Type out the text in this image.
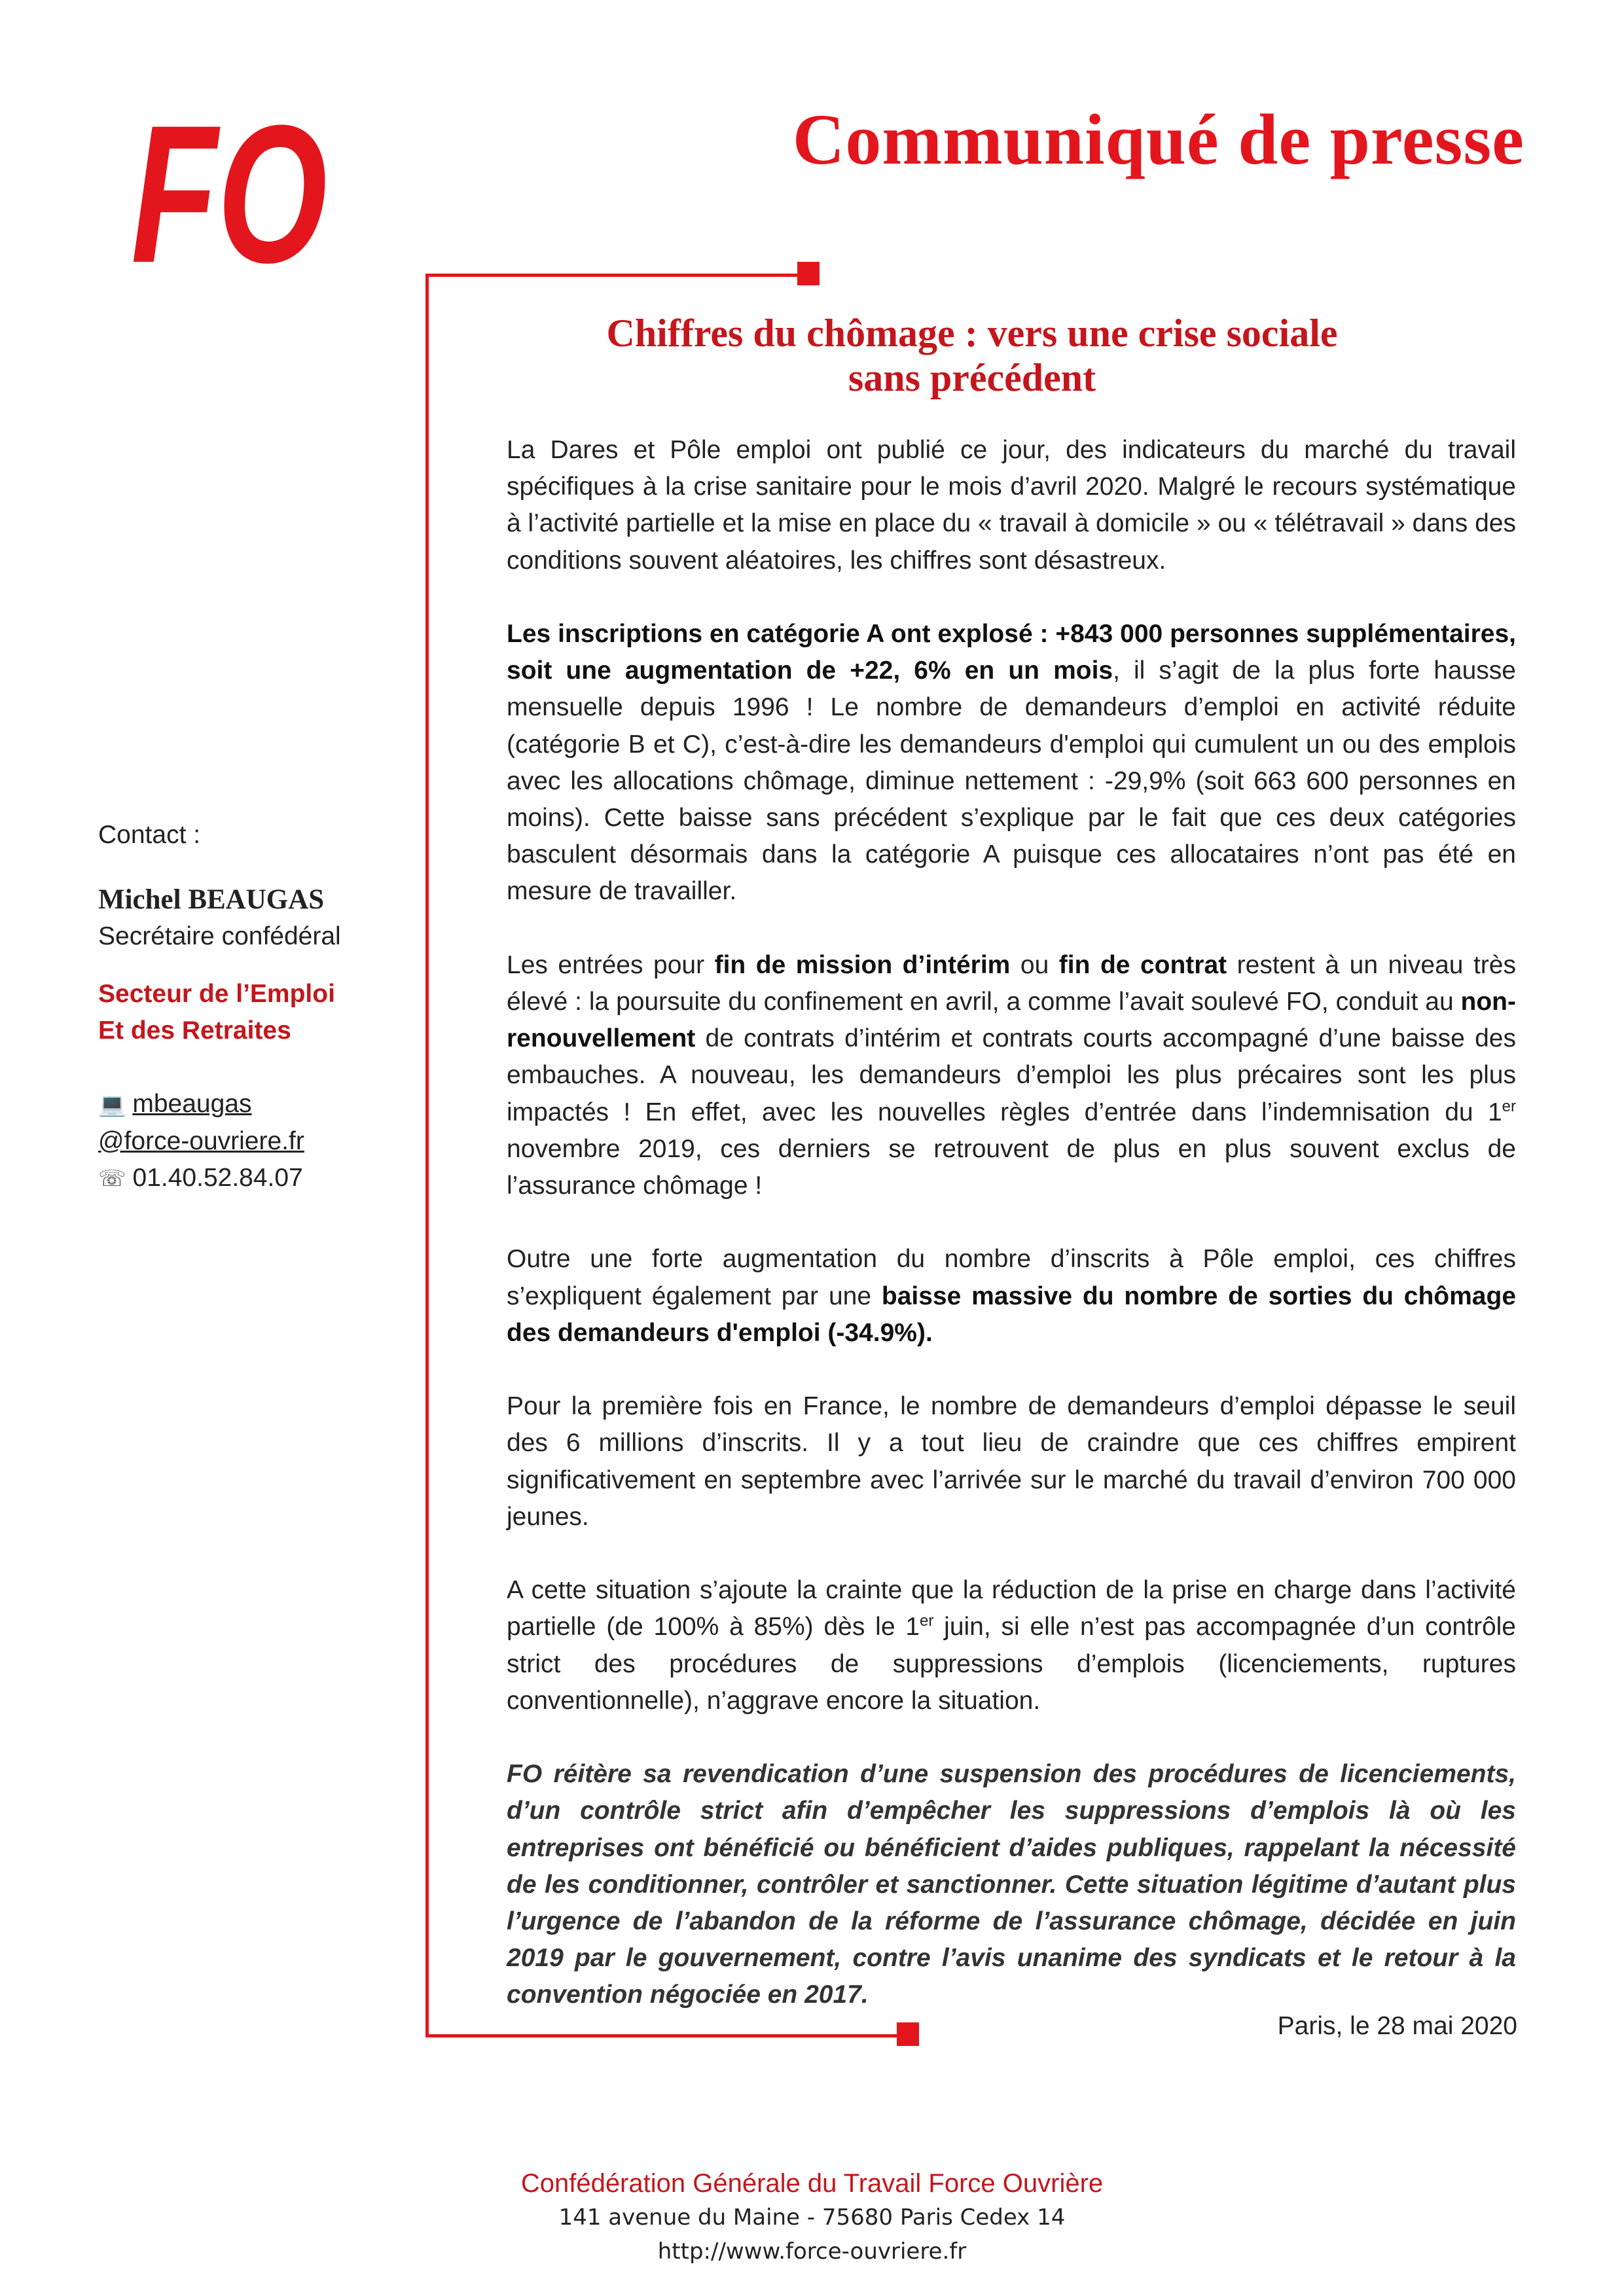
FO	Communiqué de presse
Chiffres du chômage : vers une crise sociale
sans précédent

La Dares et Pôle emploi ont publié ce jour, des indicateurs du marché du travail spécifiques à la crise sanitaire pour le mois d’avril 2020. Malgré le recours systématique à l’activité partielle et la mise en place du « travail à domicile » ou « télétravail » dans des conditions souvent aléatoires, les chiffres sont désastreux.

Les inscriptions en catégorie A ont explosé : +843 000 personnes supplémentaires, soit une augmentation de +22, 6% en un mois, il s’agit de la plus forte hausse mensuelle depuis 1996 ! Le nombre de demandeurs d’emploi en activité réduite (catégorie B et C), c’est-à-dire les demandeurs d'emploi qui cumulent un ou des emplois avec les allocations chômage, diminue nettement : -29,9% (soit 663 600 personnes en moins). Cette baisse sans précédent s’explique par le fait que ces deux catégories basculent désormais dans la catégorie A puisque ces allocataires n’ont pas été en mesure de travailler.

Les entrées pour fin de mission d’intérim ou fin de contrat restent à un niveau très élevé : la poursuite du confinement en avril, a comme l’avait soulevé FO, conduit au non-renouvellement de contrats d’intérim et contrats courts accompagné d’une baisse des embauches. A nouveau, les demandeurs d’emploi les plus précaires sont les plus impactés ! En effet, avec les nouvelles règles d’entrée dans l’indemnisation du 1er novembre 2019, ces derniers se retrouvent de plus en plus souvent exclus de l’assurance chômage !

Outre une forte augmentation du nombre d’inscrits à Pôle emploi, ces chiffres s’expliquent également par une baisse massive du nombre de sorties du chômage des demandeurs d'emploi (-34.9%).

Pour la première fois en France, le nombre de demandeurs d’emploi dépasse le seuil des 6 millions d’inscrits. Il y a tout lieu de craindre que ces chiffres empirent significativement en septembre avec l’arrivée sur le marché du travail d’environ 700 000 jeunes.

A cette situation s’ajoute la crainte que la réduction de la prise en charge dans l’activité partielle (de 100% à 85%) dès le 1er juin, si elle n’est pas accompagnée d’un contrôle strict des procédures de suppressions d’emplois (licenciements, ruptures conventionnelle), n’aggrave encore la situation.

FO réitère sa revendication d’une suspension des procédures de licenciements, d’un contrôle strict afin d’empêcher les suppressions d’emplois là où les entreprises ont bénéficié ou bénéficient d’aides publiques, rappelant la nécessité de les conditionner, contrôler et sanctionner. Cette situation légitime d’autant plus l’urgence de l’abandon de la réforme de l’assurance chômage, décidée en juin 2019 par le gouvernement, contre l’avis unanime des syndicats et le retour à la convention négociée en 2017.

Paris, le 28 mai 2020
Contact :
Michel BEAUGAS
Secrétaire confédéral
Secteur de l’Emploi
Et des Retraites
💻 mbeaugas
@force-ouvriere.fr
☏ 01.40.52.84.07
Confédération Générale du Travail Force Ouvrière
141 avenue du Maine - 75680 Paris Cedex 14
http://www.force-ouvriere.fr
